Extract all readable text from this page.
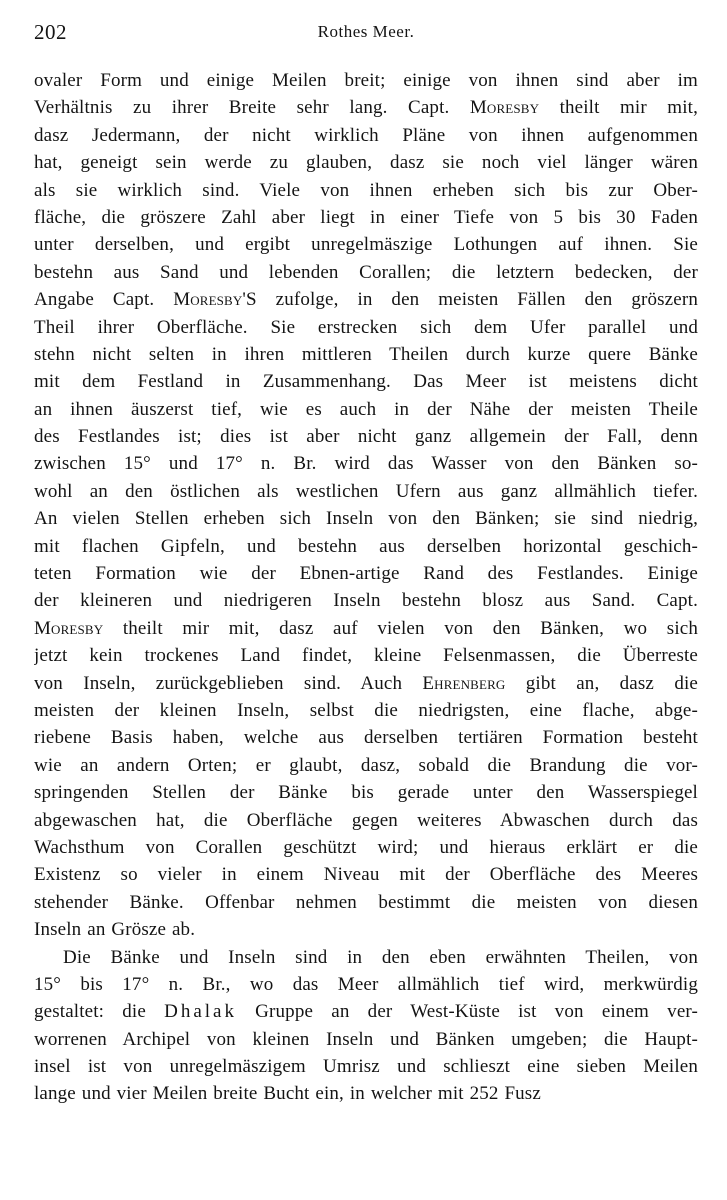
202	Rothes Meer.
ovaler Form und einige Meilen breit; einige von ihnen sind aber im
Verhältnis zu ihrer Breite sehr lang. Capt. Moresby theilt mir mit,
dasz Jedermann, der nicht wirklich Pläne von ihnen aufgenommen
hat, geneigt sein werde zu glauben, dasz sie noch viel länger wären
als sie wirklich sind. Viele von ihnen erheben sich bis zur Ober-
fläche, die gröszere Zahl aber liegt in einer Tiefe von 5 bis 30 Faden
unter derselben, und ergibt unregelmäszige Lothungen auf ihnen. Sie
bestehn aus Sand und lebenden Corallen; die letztern bedecken, der
Angabe Capt. Moresby'S zufolge, in den meisten Fällen den gröszern
Theil ihrer Oberfläche. Sie erstrecken sich dem Ufer parallel und
stehn nicht selten in ihren mittleren Theilen durch kurze quere Bänke
mit dem Festland in Zusammenhang. Das Meer ist meistens dicht
an ihnen äuszerst tief, wie es auch in der Nähe der meisten Theile
des Festlandes ist; dies ist aber nicht ganz allgemein der Fall, denn
zwischen 15° und 17° n. Br. wird das Wasser von den Bänken so-
wohl an den östlichen als westlichen Ufern aus ganz allmählich tiefer.
An vielen Stellen erheben sich Inseln von den Bänken; sie sind niedrig,
mit flachen Gipfeln, und bestehn aus derselben horizontal geschich-
teten Formation wie der Ebnen-artige Rand des Festlandes. Einige
der kleineren und niedrigeren Inseln bestehn blosz aus Sand. Capt.
Moresby theilt mir mit, dasz auf vielen von den Bänken, wo sich
jetzt kein trockenes Land findet, kleine Felsenmassen, die Überreste
von Inseln, zurückgeblieben sind. Auch Ehrenberg gibt an, dasz die
meisten der kleinen Inseln, selbst die niedrigsten, eine flache, abge-
riebene Basis haben, welche aus derselben tertiären Formation besteht
wie an andern Orten; er glaubt, dasz, sobald die Brandung die vor-
springenden Stellen der Bänke bis gerade unter den Wasserspiegel
abgewaschen hat, die Oberfläche gegen weiteres Abwaschen durch das
Wachsthum von Corallen geschützt wird; und hieraus erklärt er die
Existenz so vieler in einem Niveau mit der Oberfläche des Meeres
stehender Bänke. Offenbar nehmen bestimmt die meisten von diesen
Inseln an Grösze ab.
Die Bänke und Inseln sind in den eben erwähnten Theilen, von
15° bis 17° n. Br., wo das Meer allmählich tief wird, merkwürdig
gestaltet: die Dhalak Gruppe an der West-Küste ist von einem ver-
worrenen Archipel von kleinen Inseln und Bänken umgeben; die Haupt-
insel ist von unregelmäszigem Umrisz und schlieszt eine sieben Meilen
lange und vier Meilen breite Bucht ein, in welcher mit 252 Fusz
